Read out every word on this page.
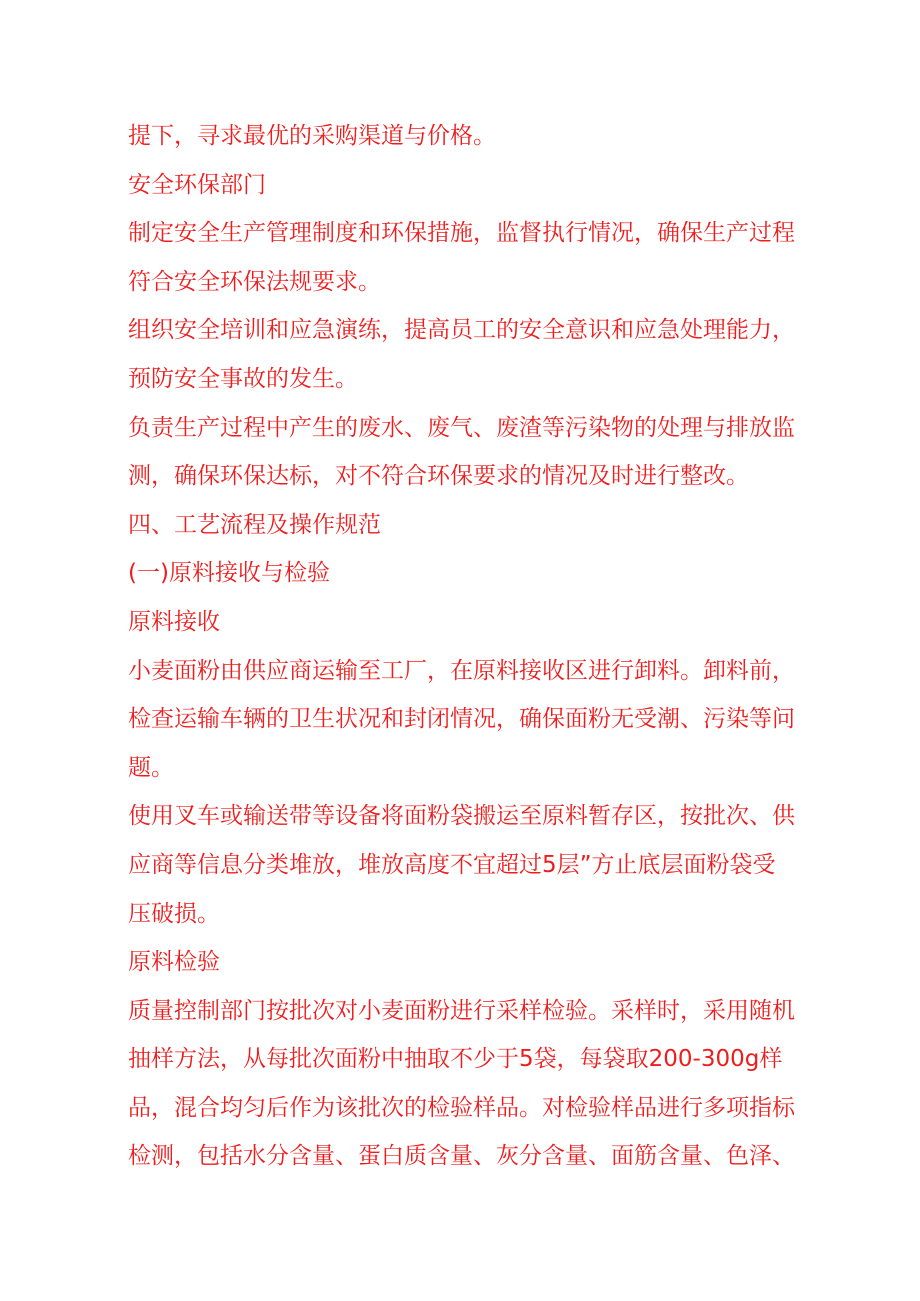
提下，寻求最优的采购渠道与价格。
安全环保部门
制定安全生产管理制度和环保措施，监督执行情况，确保生产过程
符合安全环保法规要求。
组织安全培训和应急演练，提高员工的安全意识和应急处理能力，
预防安全事故的发生。
负责生产过程中产生的废水、废气、废渣等污染物的处理与排放监
测，确保环保达标，对不符合环保要求的情况及时进行整改。
四、工艺流程及操作规范
(一)原料接收与检验
原料接收
小麦面粉由供应商运输至工厂，在原料接收区进行卸料。卸料前，
检查运输车辆的卫生状况和封闭情况，确保面粉无受潮、污染等问
题。
使用叉车或输送带等设备将面粉袋搬运至原料暂存区，按批次、供
应商等信息分类堆放，堆放高度不宜超过5层”方止底层面粉袋受
压破损。
原料检验
质量控制部门按批次对小麦面粉进行采样检验。采样时，采用随机
抽样方法，从每批次面粉中抽取不少于5袋，每袋取200-300g样
品，混合均匀后作为该批次的检验样品。对检验样品进行多项指标
检测，包括水分含量、蛋白质含量、灰分含量、面筋含量、色泽、
